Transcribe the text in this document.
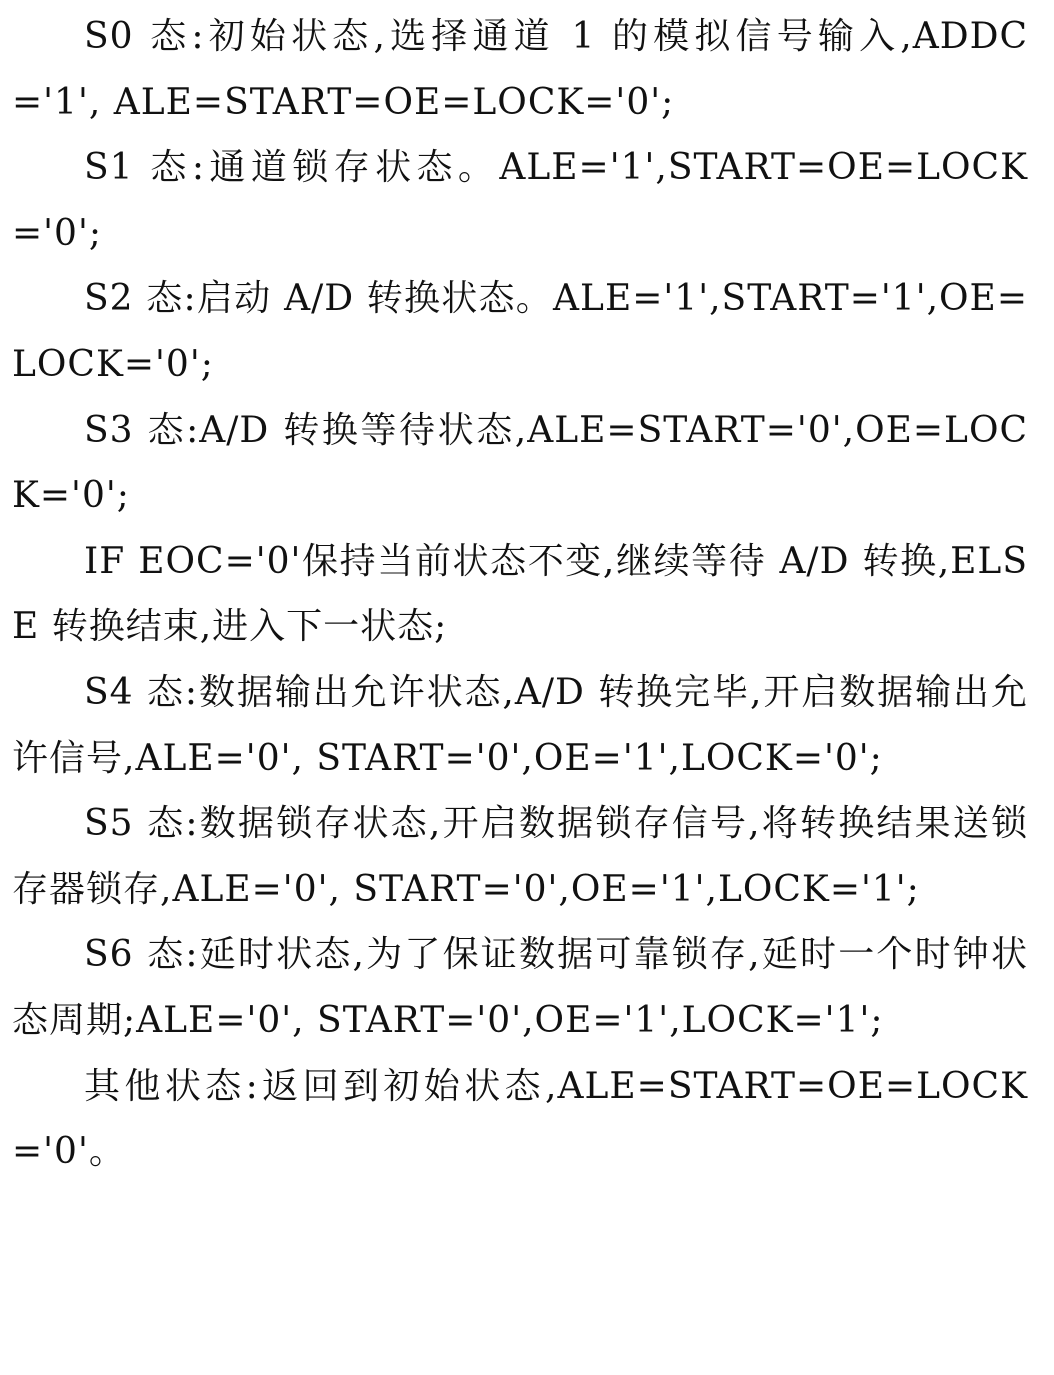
S0 态:初始状态,选择通道 1 的模拟信号输入,ADDC='1', ALE=START=OE=LOCK='0';

S1 态:通道锁存状态。ALE='1',START=OE=LOCK='0';

S2 态:启动 A/D 转换状态。ALE='1',START='1',OE=LOCK='0';

S3 态:A/D 转换等待状态,ALE=START='0',OE=LOCK='0';

IF EOC='0'保持当前状态不变,继续等待 A/D 转换,ELSE 转换结束,进入下一状态;

S4 态:数据输出允许状态,A/D 转换完毕,开启数据输出允许信号,ALE='0', START='0',OE='1',LOCK='0';

S5 态:数据锁存状态,开启数据锁存信号,将转换结果送锁存器锁存,ALE='0', START='0',OE='1',LOCK='1';

S6 态:延时状态,为了保证数据可靠锁存,延时一个时钟状态周期;ALE='0', START='0',OE='1',LOCK='1';

其他状态:返回到初始状态,ALE=START=OE=LOCK='0'。
